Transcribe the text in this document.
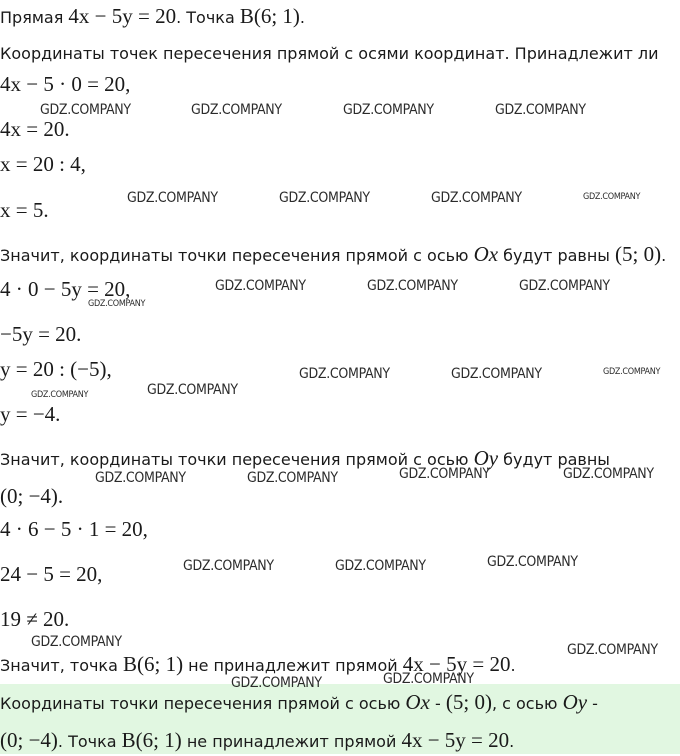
Прямая 4x − 5y = 20. Точка B(6; 1).
Координаты точек пересечения прямой с осями координат. Принадлежит ли
4x − 5 · 0 = 20,
4x = 20.
x = 20 : 4,
x = 5.
Значит, координаты точки пересечения прямой с осью Ox будут равны (5; 0).
4 · 0 − 5y = 20,
−5y = 20.
y = 20 : (−5),
y = −4.
Значит, координаты точки пересечения прямой с осью Oy будут равны
(0; −4).
4 · 6 − 5 · 1 = 20,
24 − 5 = 20,
19 ≠ 20.
Значит, точка B(6; 1) не принадлежит прямой 4x − 5y = 20.
Координаты точки пересечения прямой с осью Ox - (5; 0), с осью Oy -
(0; −4). Точка B(6; 1) не принадлежит прямой 4x − 5y = 20.
GDZ.COMPANY	GDZ.COMPANY	GDZ.COMPANY	GDZ.COMPANY
GDZ.COMPANY	GDZ.COMPANY	GDZ.COMPANY	GDZ.COMPANY
GDZ.COMPANY	GDZ.COMPANY	GDZ.COMPANY
GDZ.COMPANY
GDZ.COMPANY	GDZ.COMPANY	GDZ.COMPANY
GDZ.COMPANY
GDZ.COMPANY
GDZ.COMPANY	GDZ.COMPANY	GDZ.COMPANY	GDZ.COMPANY
GDZ.COMPANY	GDZ.COMPANY	GDZ.COMPANY
GDZ.COMPANY	GDZ.COMPANY
GDZ.COMPANY	GDZ.COMPANY
